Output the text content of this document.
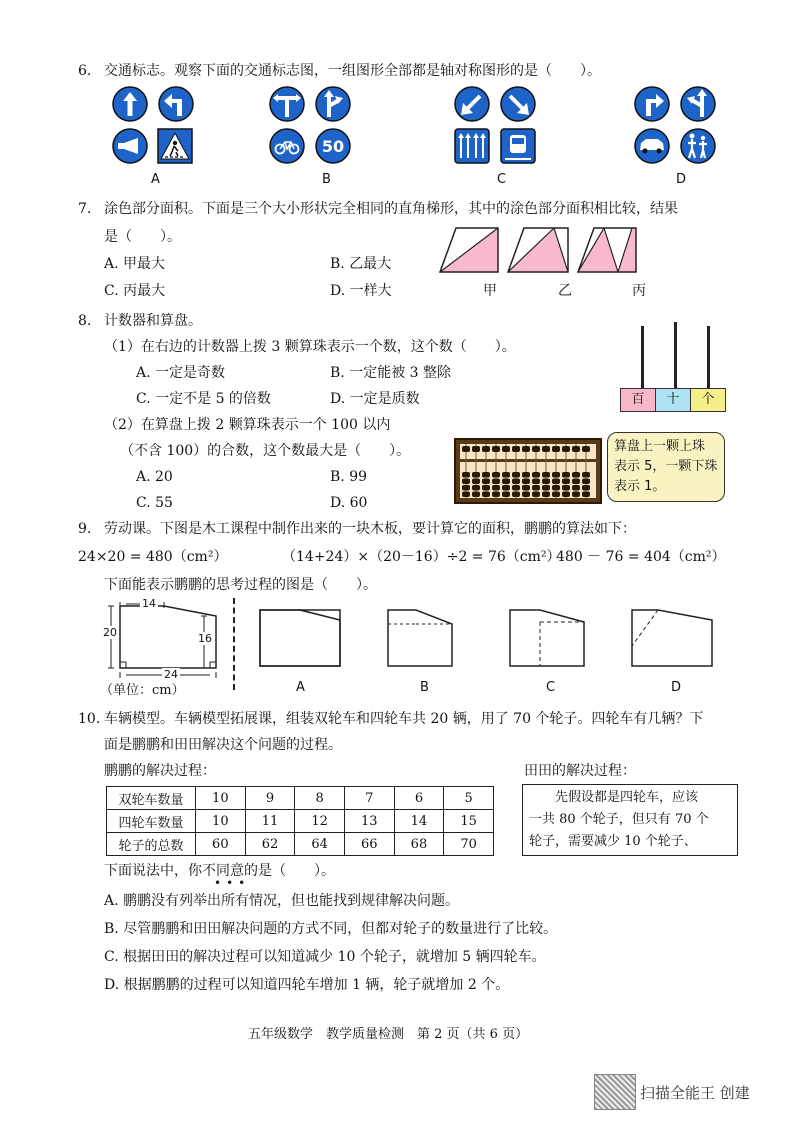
6. 交通标志。观察下面的交通标志图，一组图形全部都是轴对称图形的是（　　）。
A
50
B	C	D
7. 涂色部分面积。下面是三个大小形状完全相同的直角梯形，其中的涂色部分面积相比较，结果
是（　　）。
A. 甲最大	B. 乙最大
C. 丙最大	D. 一样大	甲	乙	丙
8. 计数器和算盘。
（1）在右边的计数器上拨 3 颗算珠表示一个数，这个数（　　）。
A. 一定是奇数	B. 一定能被 3 整除
C. 一定不是 5 的倍数	D. 一定是质数
（2）在算盘上拨 2 颗算珠表示一个 100 以内
（不含 100）的合数，这个数最大是（　　）。
A. 20	B. 99
C. 55	D. 60
百	十	个
算盘上一颗上珠
表示 5，一颗下珠
表示 1。
9. 劳动课。下图是木工课程中制作出来的一块木板，要计算它的面积，鹏鹏的算法如下：
24×20 = 480（cm²）	（14+24）×（20－16）÷2 = 76（cm²）
480 － 76 = 404（cm²）
下面能表示鹏鹏的思考过程的图是（　　）。
14
20	16
24
（单位：cm）	A	B	C	D
10. 车辆模型。车辆模型拓展课，组装双轮车和四轮车共 20 辆，用了 70 个轮子。四轮车有几辆？下
面是鹏鹏和田田解决这个问题的过程。
鹏鹏的解决过程：	田田的解决过程：
双轮车数量	10	9	8	7	6	5
四轮车数量	10	11	12	13	14	15
轮子的总数	60	62	64	66	68	70
先假设都是四轮车，应该
一共 80 个轮子，但只有 70 个
轮子，需要减少 10 个轮子、
下面说法中，你不同意的是（　　）。
•••
A. 鹏鹏没有列举出所有情况，但也能找到规律解决问题。
B. 尽管鹏鹏和田田解决问题的方式不同，但都对轮子的数量进行了比较。
C. 根据田田的解决过程可以知道减少 10 个轮子，就增加 5 辆四轮车。
D. 根据鹏鹏的过程可以知道四轮车增加 1 辆，轮子就增加 2 个。
五年级数学　教学质量检测　第 2 页（共 6 页）
扫描全能王 创建
